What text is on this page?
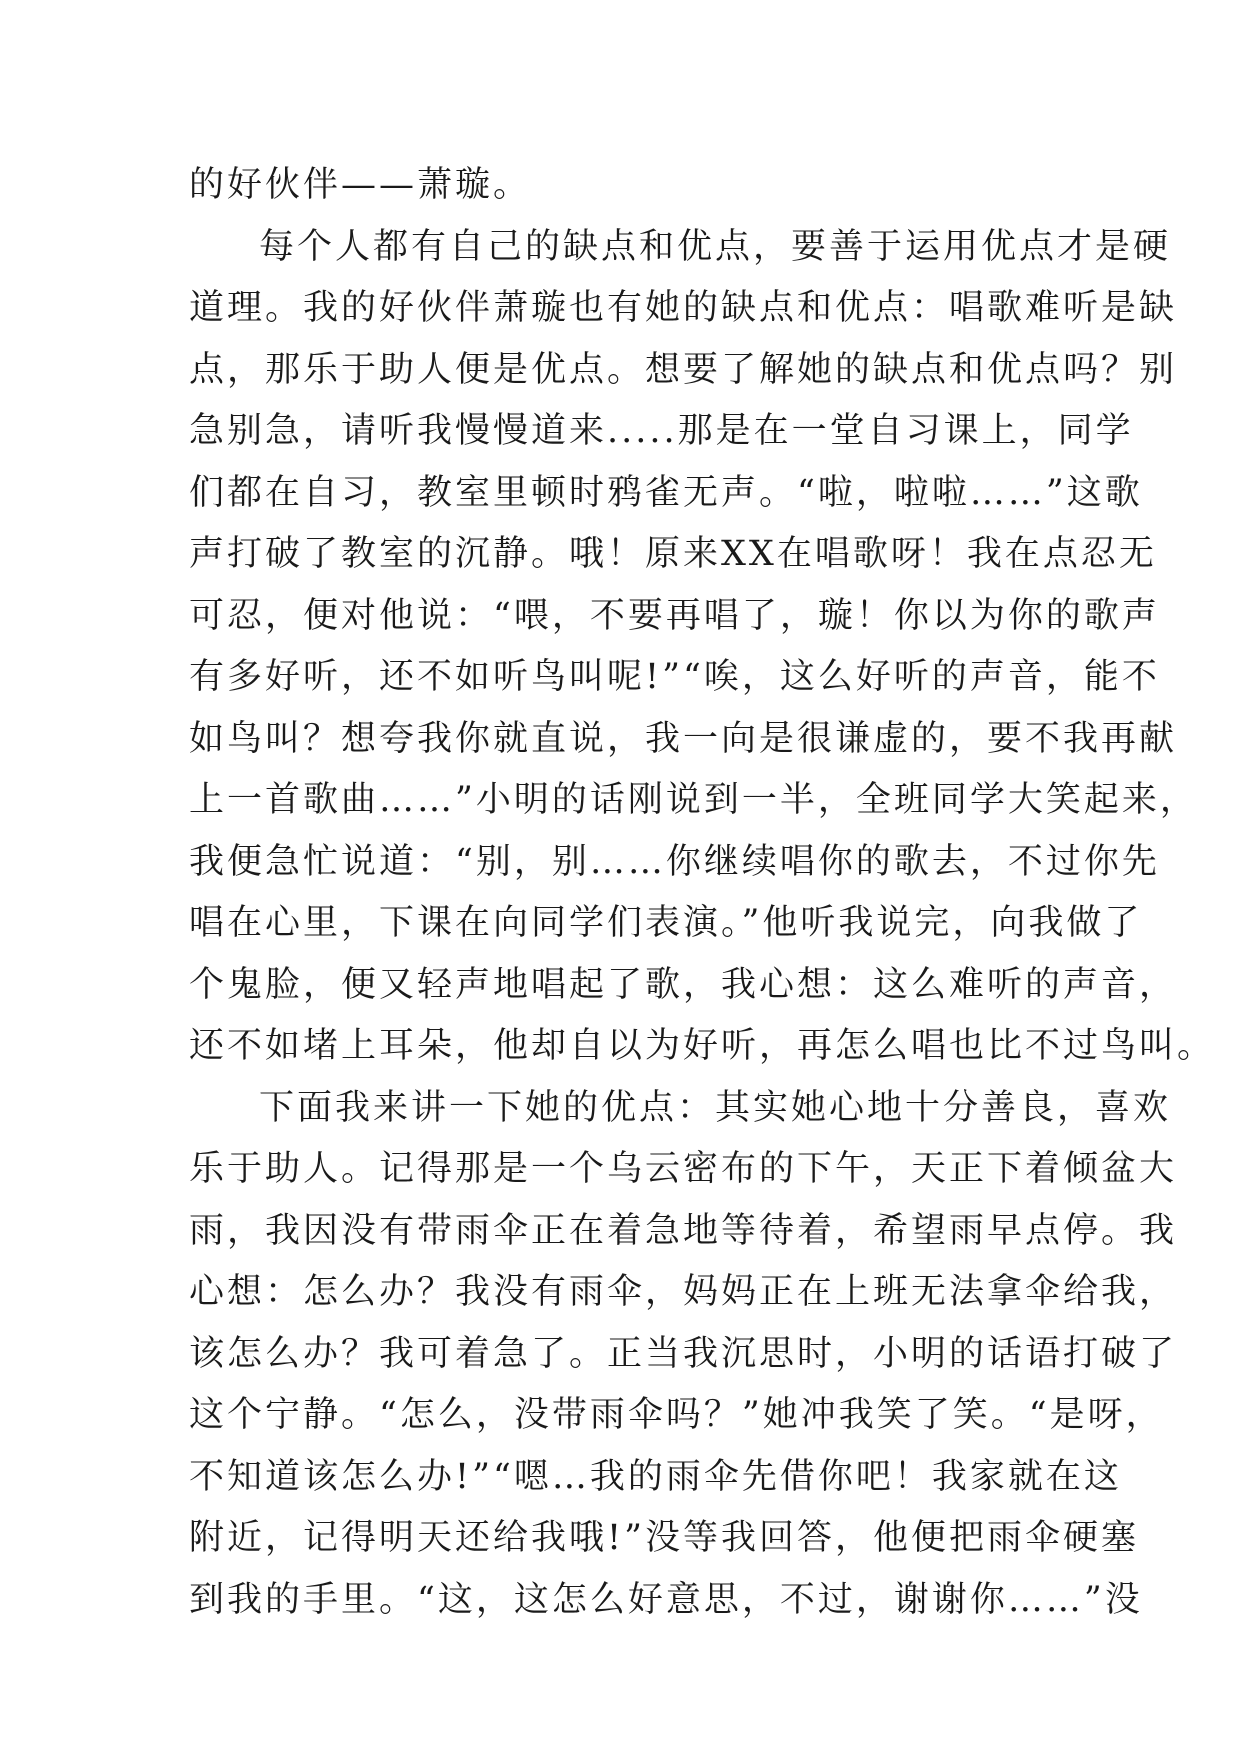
的好伙伴——萧璇。
每个人都有自己的缺点和优点，要善于运用优点才是硬
道理。我的好伙伴萧璇也有她的缺点和优点：唱歌难听是缺
点，那乐于助人便是优点。想要了解她的缺点和优点吗？别
急别急，请听我慢慢道来.....那是在一堂自习课上，同学
们都在自习，教室里顿时鸦雀无声。“啦，啦啦……”这歌
声打破了教室的沉静。哦！原来XX在唱歌呀！我在点忍无
可忍，便对他说：“喂，不要再唱了，璇！你以为你的歌声
有多好听，还不如听鸟叫呢!”“唉，这么好听的声音，能不
如鸟叫？想夸我你就直说，我一向是很谦虚的，要不我再献
上一首歌曲……”小明的话刚说到一半，全班同学大笑起来，
我便急忙说道：“别，别……你继续唱你的歌去，不过你先
唱在心里，下课在向同学们表演。”他听我说完，向我做了
个鬼脸，便又轻声地唱起了歌，我心想：这么难听的声音，
还不如堵上耳朵，他却自以为好听，再怎么唱也比不过鸟叫。
下面我来讲一下她的优点：其实她心地十分善良，喜欢
乐于助人。记得那是一个乌云密布的下午，天正下着倾盆大
雨，我因没有带雨伞正在着急地等待着，希望雨早点停。我
心想：怎么办？我没有雨伞，妈妈正在上班无法拿伞给我，
该怎么办？我可着急了。正当我沉思时，小明的话语打破了
这个宁静。“怎么，没带雨伞吗？”她冲我笑了笑。“是呀，
不知道该怎么办!”“嗯…我的雨伞先借你吧！我家就在这
附近，记得明天还给我哦!”没等我回答，他便把雨伞硬塞
到我的手里。“这，这怎么好意思，不过，谢谢你……”没
